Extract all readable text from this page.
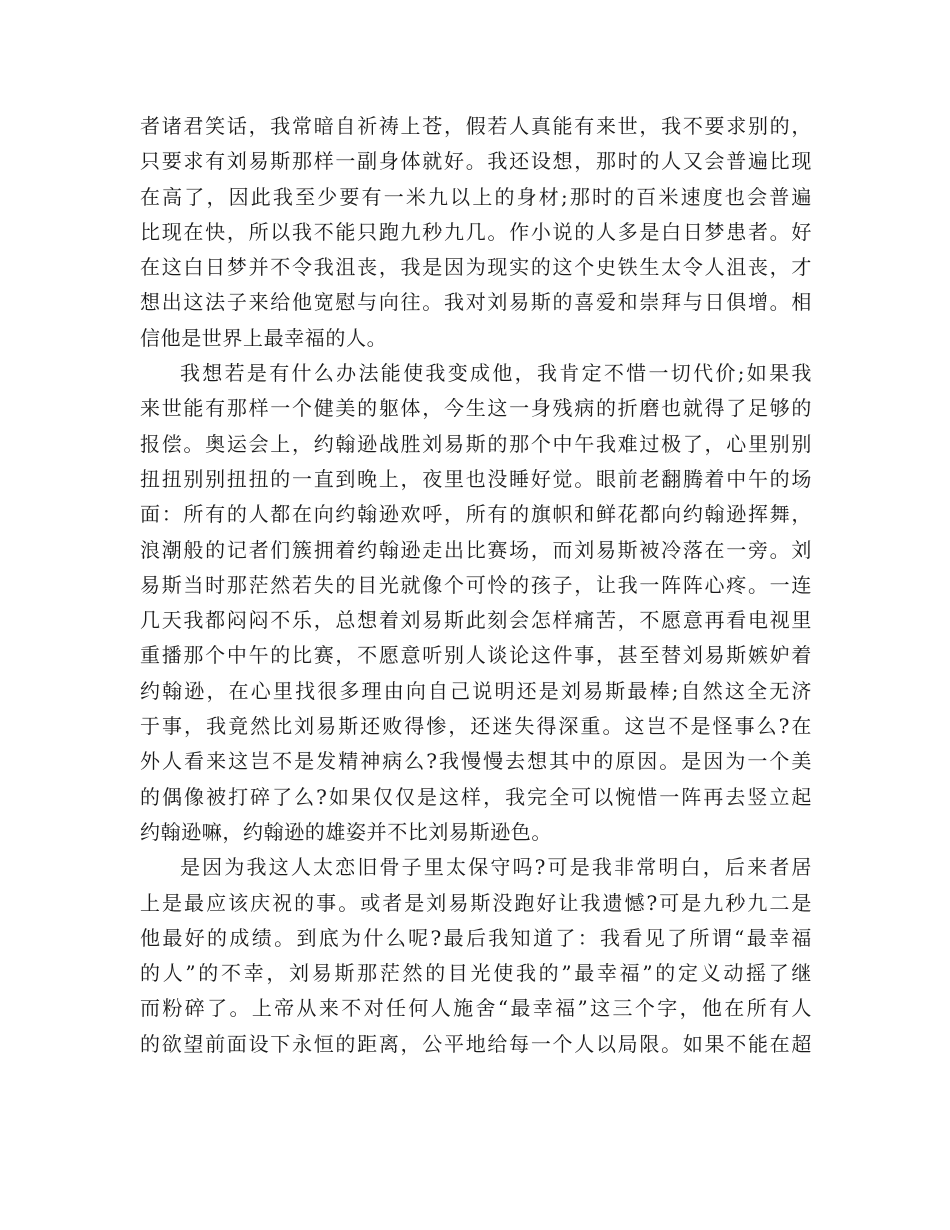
者诸君笑话，我常暗自祈祷上苍，假若人真能有来世，我不要求别的，
只要求有刘易斯那样一副身体就好。我还设想，那时的人又会普遍比现
在高了，因此我至少要有一米九以上的身材;那时的百米速度也会普遍
比现在快，所以我不能只跑九秒九几。作小说的人多是白日梦患者。好
在这白日梦并不令我沮丧，我是因为现实的这个史铁生太令人沮丧，才
想出这法子来给他宽慰与向往。我对刘易斯的喜爱和崇拜与日俱增。相
信他是世界上最幸福的人。
我想若是有什么办法能使我变成他，我肯定不惜一切代价;如果我
来世能有那样一个健美的躯体，今生这一身残病的折磨也就得了足够的
报偿。奥运会上，约翰逊战胜刘易斯的那个中午我难过极了，心里别别
扭扭别别扭扭的一直到晚上，夜里也没睡好觉。眼前老翻腾着中午的场
面：所有的人都在向约翰逊欢呼，所有的旗帜和鲜花都向约翰逊挥舞，
浪潮般的记者们簇拥着约翰逊走出比赛场，而刘易斯被冷落在一旁。刘
易斯当时那茫然若失的目光就像个可怜的孩子，让我一阵阵心疼。一连
几天我都闷闷不乐，总想着刘易斯此刻会怎样痛苦，不愿意再看电视里
重播那个中午的比赛，不愿意听别人谈论这件事，甚至替刘易斯嫉妒着
约翰逊，在心里找很多理由向自己说明还是刘易斯最棒;自然这全无济
于事，我竟然比刘易斯还败得惨，还迷失得深重。这岂不是怪事么?在
外人看来这岂不是发精神病么?我慢慢去想其中的原因。是因为一个美
的偶像被打碎了么?如果仅仅是这样，我完全可以惋惜一阵再去竖立起
约翰逊嘛，约翰逊的雄姿并不比刘易斯逊色。
是因为我这人太恋旧骨子里太保守吗?可是我非常明白，后来者居
上是最应该庆祝的事。或者是刘易斯没跑好让我遗憾?可是九秒九二是
他最好的成绩。到底为什么呢?最后我知道了：我看见了所谓“最幸福
的人”的不幸，刘易斯那茫然的目光使我的”最幸福”的定义动摇了继
而粉碎了。上帝从来不对任何人施舍“最幸福”这三个字，他在所有人
的欲望前面设下永恒的距离，公平地给每一个人以局限。如果不能在超
